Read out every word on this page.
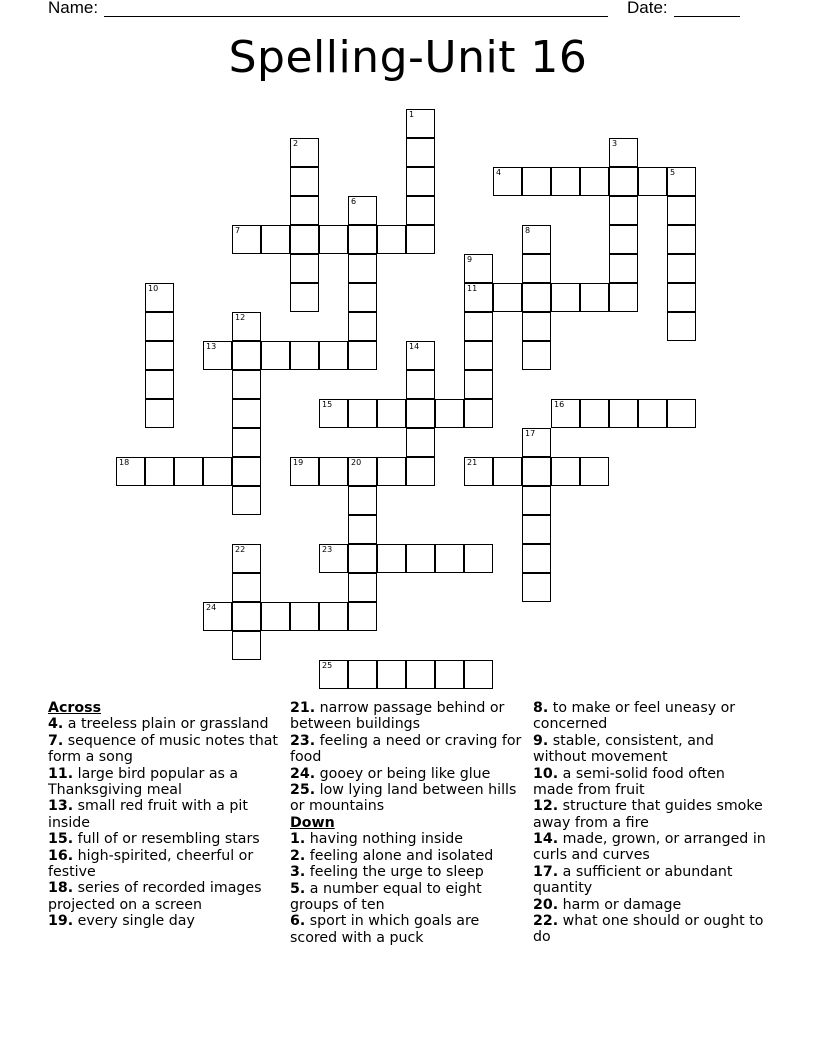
Name:	Date:
Spelling-Unit 16
4	5
7
11
13
15	16
18	19	20	21
23
24
25
1
2	3
6
8
9
10
12
14
17
22
Across
4. a treeless plain or grassland
7. sequence of music notes that form a song
11. large bird popular as a Thanksgiving meal
13. small red fruit with a pit inside
15. full of or resembling stars
16. high-spirited, cheerful or festive
18. series of recorded images projected on a screen
19. every single day
21. narrow passage behind or between buildings
23. feeling a need or craving for food
24. gooey or being like glue
25. low lying land between hills or mountains
Down
1. having nothing inside
2. feeling alone and isolated
3. feeling the urge to sleep
5. a number equal to eight groups of ten
6. sport in which goals are scored with a puck
8. to make or feel uneasy or concerned
9. stable, consistent, and without movement
10. a semi-solid food often made from fruit
12. structure that guides smoke away from a fire
14. made, grown, or arranged in curls and curves
17. a sufficient or abundant quantity
20. harm or damage
22. what one should or ought to do
